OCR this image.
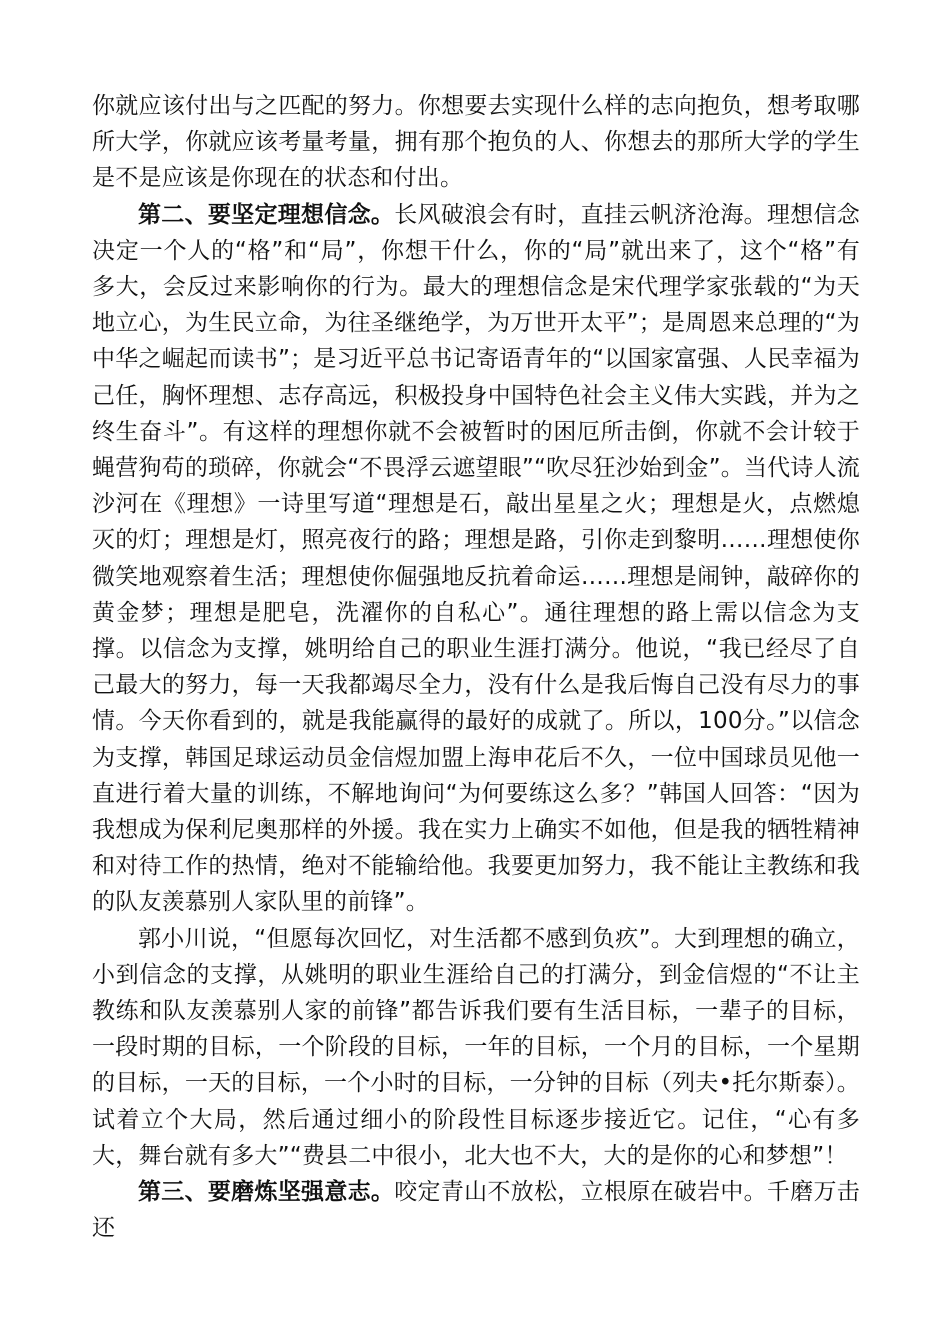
你就应该付出与之匹配的努力。你想要去实现什么样的志向抱负，想考取哪所大学，你就应该考量考量，拥有那个抱负的人、你想去的那所大学的学生是不是应该是你现在的状态和付出。

第二、要坚定理想信念。长风破浪会有时，直挂云帆济沧海。理想信念决定一个人的“格”和“局”，你想干什么，你的“局”就出来了，这个“格”有多大，会反过来影响你的行为。最大的理想信念是宋代理学家张载的“为天地立心，为生民立命，为往圣继绝学，为万世开太平”；是周恩来总理的“为中华之崛起而读书”；是习近平总书记寄语青年的“以国家富强、人民幸福为己任，胸怀理想、志存高远，积极投身中国特色社会主义伟大实践，并为之终生奋斗”。有这样的理想你就不会被暂时的困厄所击倒，你就不会计较于蝇营狗苟的琐碎，你就会“不畏浮云遮望眼”“吹尽狂沙始到金”。当代诗人流沙河在《理想》一诗里写道“理想是石，敲出星星之火；理想是火，点燃熄灭的灯；理想是灯，照亮夜行的路；理想是路，引你走到黎明……理想使你微笑地观察着生活；理想使你倔强地反抗着命运……理想是闹钟，敲碎你的黄金梦；理想是肥皂，洗濯你的自私心”。通往理想的路上需以信念为支撑。以信念为支撑，姚明给自己的职业生涯打满分。他说，“我已经尽了自己最大的努力，每一天我都竭尽全力，没有什么是我后悔自己没有尽力的事情。今天你看到的，就是我能赢得的最好的成就了。所以，100分。”以信念为支撑，韩国足球运动员金信煜加盟上海申花后不久，一位中国球员见他一直进行着大量的训练，不解地询问“为何要练这么多？”韩国人回答：“因为我想成为保利尼奥那样的外援。我在实力上确实不如他，但是我的牺牲精神和对待工作的热情，绝对不能输给他。我要更加努力，我不能让主教练和我的队友羡慕别人家队里的前锋”。

郭小川说，“但愿每次回忆，对生活都不感到负疚”。大到理想的确立，小到信念的支撑，从姚明的职业生涯给自己的打满分，到金信煜的“不让主教练和队友羡慕别人家的前锋”都告诉我们要有生活目标，一辈子的目标，一段时期的目标，一个阶段的目标，一年的目标，一个月的目标，一个星期的目标，一天的目标，一个小时的目标，一分钟的目标（列夫•托尔斯泰）。试着立个大局，然后通过细小的阶段性目标逐步接近它。记住，“心有多大，舞台就有多大”“费县二中很小，北大也不大，大的是你的心和梦想”！

第三、要磨炼坚强意志。咬定青山不放松，立根原在破岩中。千磨万击还
